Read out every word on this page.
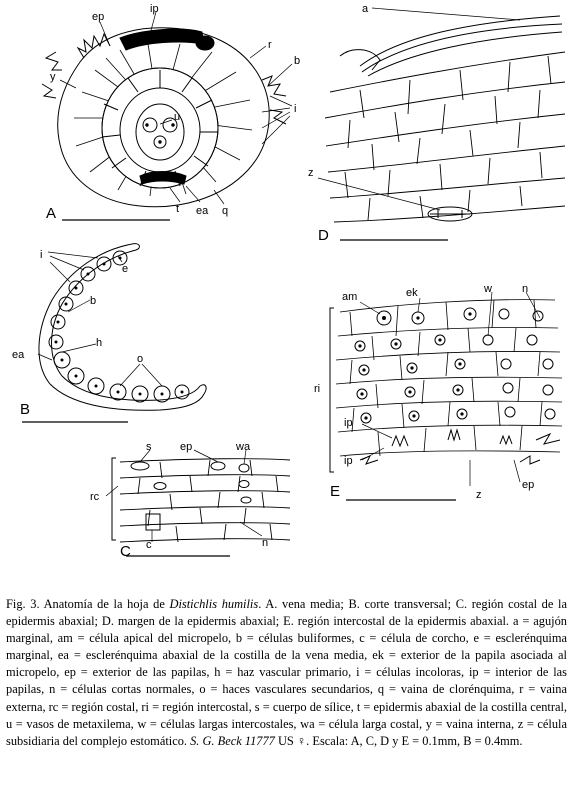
A
ep
ip
r
b
y
i
u
t ea q
B
i
e
b
h
ea	o
C
s	ep	wa
rc
c	n
D
a
z
E
am	ek	w	n
ri
ip
ip
z
ep

Fig. 3. Anatomía de la hoja de Distichlis humilis. A. vena media; B. corte transversal; C. región costal de la epidermis abaxial; D. margen de la epidermis abaxial; E. región intercostal de la epidermis abaxial. a = agujón marginal, am = célula apical del micropelo, b = células buliformes, c = célula de corcho, e = esclerénquima marginal, ea = esclerénquima abaxial de la costilla de la vena media, ek = exterior de la papila asociada al micropelo, ep = exterior de las papilas, h = haz vascular primario, i = células incoloras, ip = interior de las papilas, n = células cortas normales, o = haces vasculares secundarios, q = vaina de clorénquima, r = vaina externa, rc = región costal, ri = región intercostal, s = cuerpo de sílice, t = epidermis abaxial de la costilla central, u = vasos de metaxilema, w = células largas intercostales, wa = célula larga costal, y = vaina interna, z = célula subsidiaria del complejo estomático. S. G. Beck 11777 US ♀. Escala: A, C, D y E = 0.1mm, B = 0.4mm.
